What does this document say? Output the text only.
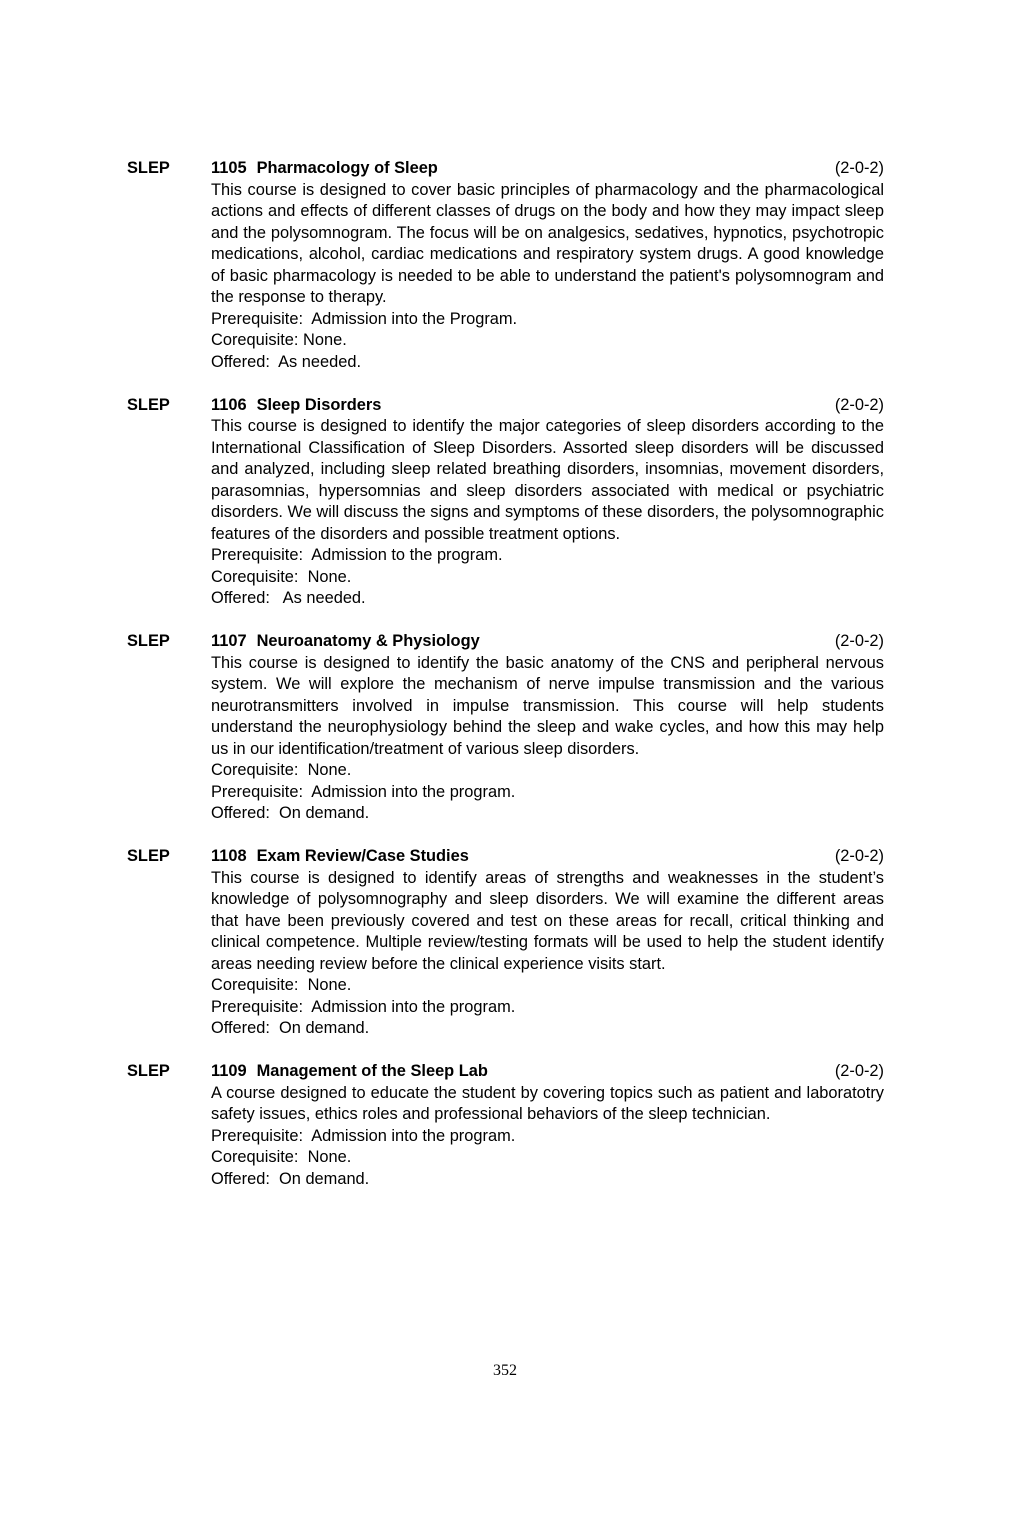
SLEP	1105 Pharmacology of Sleep	(2-0-2)

This course is designed to cover basic principles of pharmacology and the pharmacological actions and effects of different classes of drugs on the body and how they may impact sleep and the polysomnogram. The focus will be on analgesics, sedatives, hypnotics, psychotropic medications, alcohol, cardiac medications and respiratory system drugs. A good knowledge of basic pharmacology is needed to be able to understand the patient's polysomnogram and the response to therapy.

Prerequisite:  Admission into the Program.

Corequisite: None.

Offered:  As needed.

SLEP	1106 Sleep Disorders	(2-0-2)

This course is designed to identify the major categories of sleep disorders according to the International Classification of Sleep Disorders. Assorted sleep disorders will be discussed and analyzed, including sleep related breathing disorders, insomnias, movement disorders, parasomnias, hypersomnias and sleep disorders associated with medical or psychiatric disorders. We will discuss the signs and symptoms of these disorders, the polysomnographic features of the disorders and possible treatment options.

Prerequisite:  Admission to the program.

Corequisite:  None.

Offered:   As needed.

SLEP	1107 Neuroanatomy & Physiology	(2-0-2)

This course is designed to identify the basic anatomy of the CNS and peripheral nervous system. We will explore the mechanism of nerve impulse transmission and the various neurotransmitters involved in impulse transmission. This course will help students understand the neurophysiology behind the sleep and wake cycles, and how this may help us in our identification/treatment of various sleep disorders.

Corequisite:  None.

Prerequisite:  Admission into the program.

Offered:  On demand.

SLEP	1108 Exam Review/Case Studies	(2-0-2)

This course is designed to identify areas of strengths and weaknesses in the student’s knowledge of polysomnography and sleep disorders. We will examine the different areas that have been previously covered and test on these areas for recall, critical thinking and clinical competence. Multiple review/testing formats will be used to help the student identify areas needing review before the clinical experience visits start.

Corequisite:  None.

Prerequisite:  Admission into the program.

Offered:  On demand.

SLEP	1109 Management of the Sleep Lab	(2-0-2)

A course designed to educate the student by covering topics such as patient and laboratotry safety issues, ethics roles and professional behaviors of the sleep technician.

Prerequisite:  Admission into the program.

Corequisite:  None.

Offered:  On demand.

352
